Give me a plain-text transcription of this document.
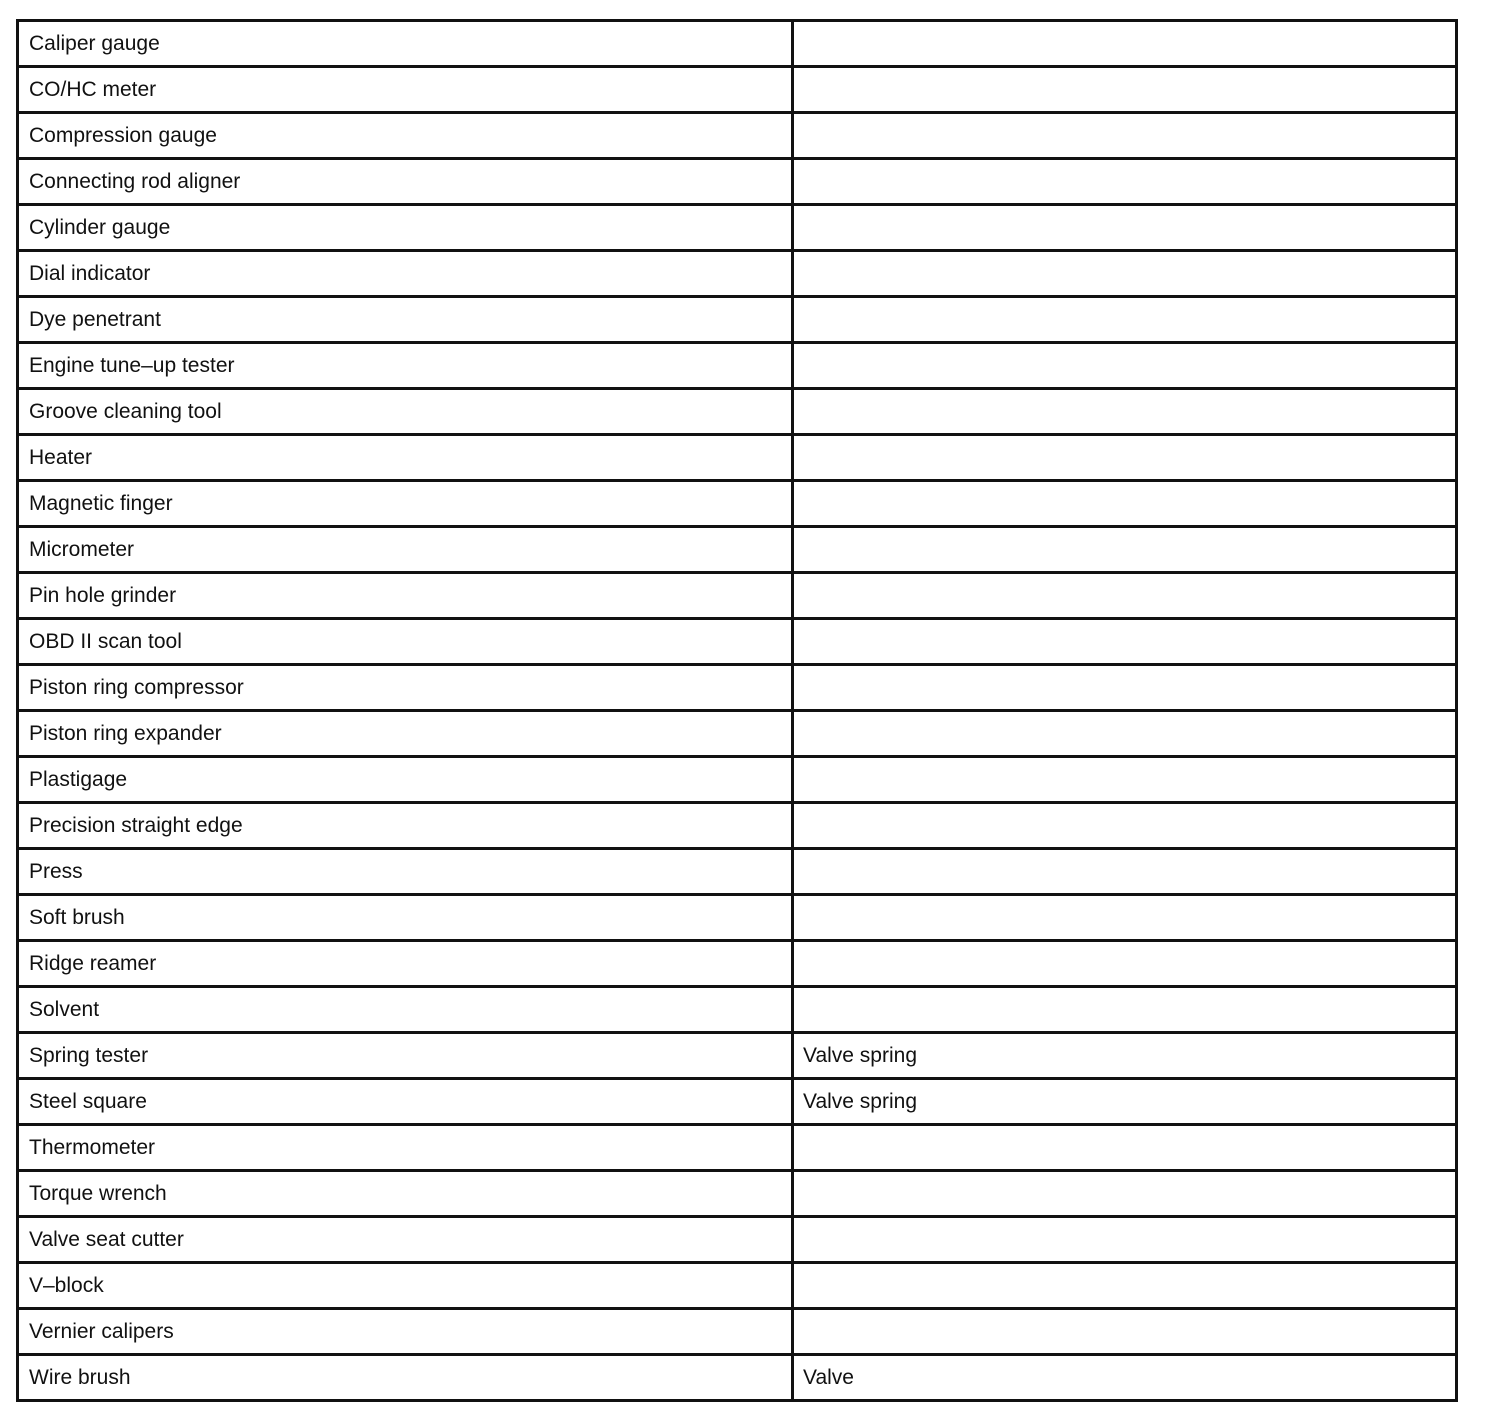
Caliper gauge	
CO/HC meter	
Compression gauge	
Connecting rod aligner	
Cylinder gauge	
Dial indicator	
Dye penetrant	
Engine tune–up tester	
Groove cleaning tool	
Heater	
Magnetic finger	
Micrometer	
Pin hole grinder	
OBD II scan tool	
Piston ring compressor	
Piston ring expander	
Plastigage	
Precision straight edge	
Press	
Soft brush	
Ridge reamer	
Solvent	
Spring tester	Valve spring
Steel square	Valve spring
Thermometer	
Torque wrench	
Valve seat cutter	
V–block	
Vernier calipers	
Wire brush	Valve
